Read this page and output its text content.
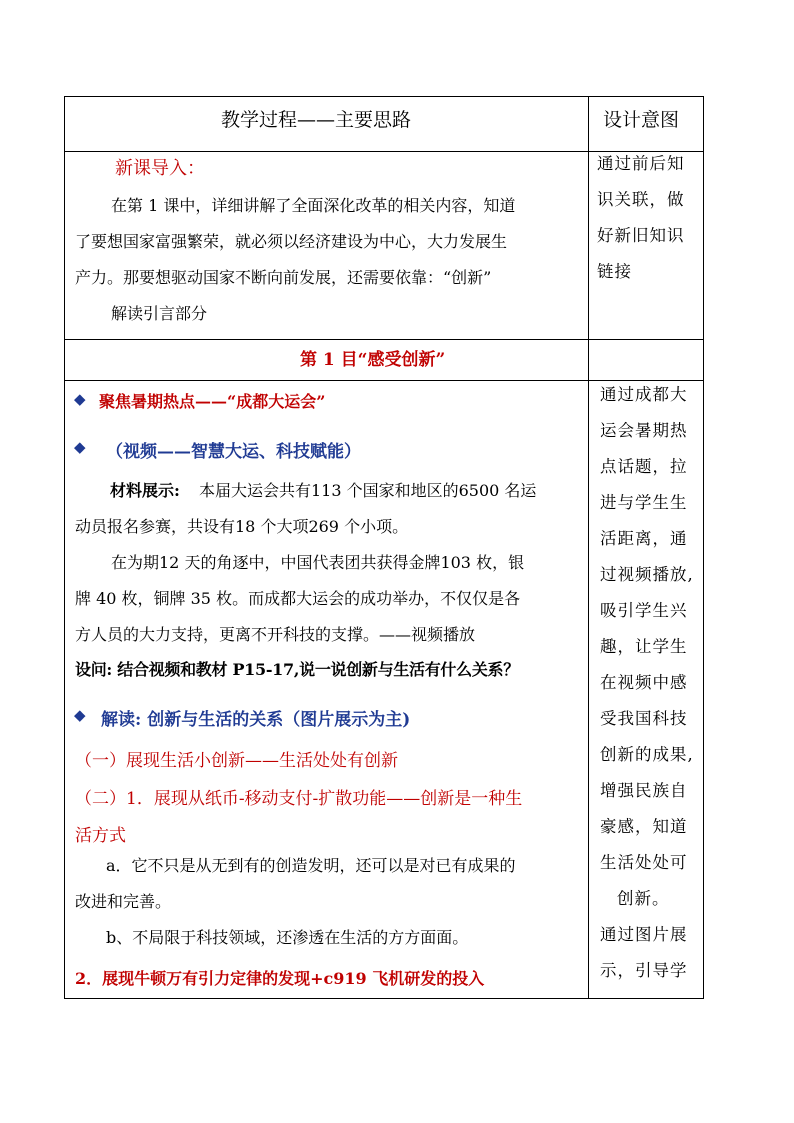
教学过程——主要思路	设计意图
新课导入：
在第 1 课中，详细讲解了全面深化改革的相关内容，知道
了要想国家富强繁荣，就必须以经济建设为中心，大力发展生
产力。那要想驱动国家不断向前发展，还需要依靠：“创新”
解读引言部分
通过前后知
识关联，做
好新旧知识
链接
第 1 目“感受创新”
◆ 聚焦暑期热点——“成都大运会”
◆ （视频——智慧大运、科技赋能）
材料展示: 本届大运会共有113 个国家和地区的6500 名运
动员报名参赛，共设有18 个大项269 个小项。
在为期12 天的角逐中，中国代表团共获得金牌103 枚，银
牌 40 枚，铜牌 35 枚。而成都大运会的成功举办，不仅仅是各
方人员的大力支持，更离不开科技的支撑。——视频播放
设问: 结合视频和教材 P15-17,说一说创新与生活有什么关系？
◆ 解读: 创新与生活的关系（图片展示为主)
（一）展现生活小创新——生活处处有创新
（二）1．展现从纸币-移动支付-扩散功能——创新是一种生
活方式
a．它不只是从无到有的创造发明，还可以是对已有成果的
改进和完善。
b、不局限于科技领域，还渗透在生活的方方面面。
2．展现牛顿万有引力定律的发现+c919 飞机研发的投入
通过成都大
运会暑期热
点话题，拉
进与学生生
活距离，通
过视频播放,
吸引学生兴
趣，让学生
在视频中感
受我国科技
创新的成果,
增强民族自
豪感，知道
生活处处可
创新。
通过图片展
示，引导学
